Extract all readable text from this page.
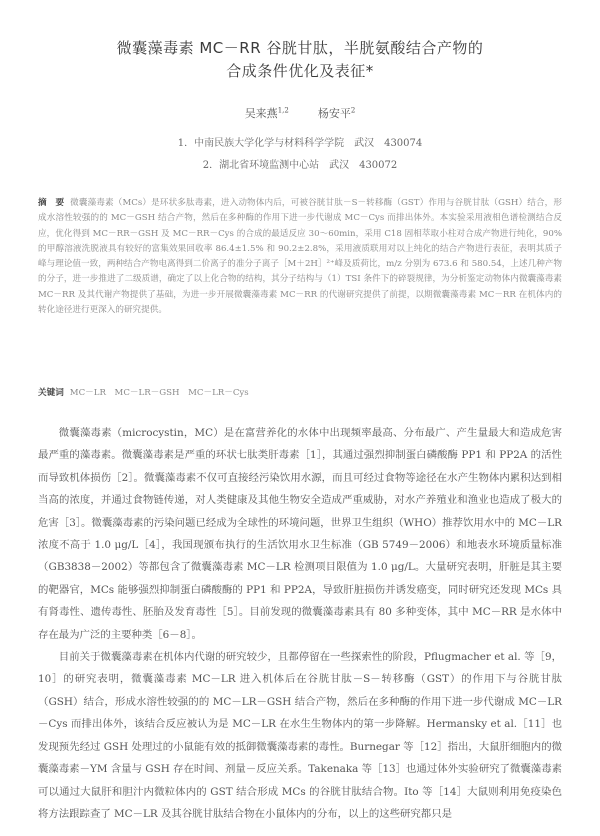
微囊藻毒素 MC－RR 谷胱甘肽，半胱氨酸结合产物的
合成条件优化及表征*
吴来燕$^{1,2}$	杨安平$^2$
1．中南民族大学化学与材料科学学院　武汉　430074
2．湖北省环境监测中心站　武汉　430072
摘　要 微囊藻毒素（MCs）是环状多肽毒素，进入动物体内后，可被谷胱甘肽－S－转移酶（GST）作用与谷胱甘肽（GSH）结合，形成水溶性较强的的 MC－GSH 结合产物，然后在多种酶的作用下进一步代谢成 MC－Cys 而排出体外。本实验采用液相色谱检测结合反应，优化得到 MC－RR－GSH 及 MC－RR－Cys 的合成的最适反应 30～60min，采用 C18 固相萃取小柱对合成产物进行纯化，90% 的甲醇溶液洗脱液具有较好的富集效果回收率 86.4±1.5% 和 90.2±2.8%，采用液质联用对以上纯化的结合产物进行表征，表明其质子峰与理论值一致，两种结合产物电离得到二价离子的准分子离子［M＋2H］²⁺峰及质荷比，m/z 分别为 673.6 和 580.54，上述几种产物的分子，进一步推进了二级质谱，确定了以上化合物的结构，其分子结构与（1）TSI 条件下的碎裂规律，为分析鉴定动物体内微囊藻毒素 MC－RR 及其代谢产物提供了基础，为进一步开展微囊藻毒素 MC－RR 的代谢研究提供了前提，以期微囊藻毒素 MC－RR 在机体内的转化途径进行更深入的研究提供。
关键词 MC－LR　MC－LR－GSH　MC－LR－Cys

微囊藻毒素（microcystin，MC）是在富营养化的水体中出现频率最高、分布最广、产生量最大和造成危害最严重的藻毒素。微囊藻毒素是严重的环状七肽类肝毒素［1］，其通过强烈抑制蛋白磷酸酶 PP1 和 PP2A 的活性而导致机体损伤［2］。微囊藻毒素不仅可直接经污染饮用水源，而且可经过食物等途径在水产生物体内累积达到相当高的浓度，并通过食物链传递，对人类健康及其他生物安全造成严重威胁，对水产养殖业和渔业也造成了极大的危害［3］。微囊藻毒素的污染问题已经成为全球性的环境问题，世界卫生组织（WHO）推荐饮用水中的 MC－LR 浓度不高于 1.0 μg/L［4］，我国现颁布执行的生活饮用水卫生标准（GB 5749－2006）和地表水环境质量标准（GB3838－2002）等都包含了微囊藻毒素 MC－LR 检测项目限值为 1.0 μg/L。大量研究表明，肝脏是其主要的靶器官，MCs 能够强烈抑制蛋白磷酸酶的 PP1 和 PP2A，导致肝脏损伤并诱发癌变，同时研究还发现 MCs 具有肾毒性、遗传毒性、胚胎及发育毒性［5］。目前发现的微囊藻毒素具有 80 多种变体，其中 MC－RR 是水体中存在最为广泛的主要种类［6－8］。

目前关于微囊藻毒素在机体内代谢的研究较少，且都停留在一些探索性的阶段，Pflugmacher et al. 等［9，10］的研究表明，微囊藻毒素 MC－LR 进入机体后在谷胱甘肽－S－转移酶（GST）的作用下与谷胱甘肽（GSH）结合，形成水溶性较强的的 MC－LR－GSH 结合产物，然后在多种酶的作用下进一步代谢成 MC－LR－Cys 而排出体外，该结合反应被认为是 MC－LR 在水生生物体内的第一步降解。Hermansky et al.［11］也发现预先经过 GSH 处理过的小鼠能有效的抵御微囊藻毒素的毒性。Burnegar 等［12］指出，大鼠肝细胞内的微囊藻毒素－YM 含量与 GSH 存在时间、剂量－反应关系。Takenaka 等［13］也通过体外实验研究了微囊藻毒素可以通过大鼠肝和胆汁内微粒体内的 GST 结合形成 MCs 的谷胱甘肽结合物。Ito 等［14］大鼠则利用免疫染色将方法跟踪查了 MC－LR 及其谷胱甘肽结合物在小鼠体内的分布，以上的这些研究都只是
